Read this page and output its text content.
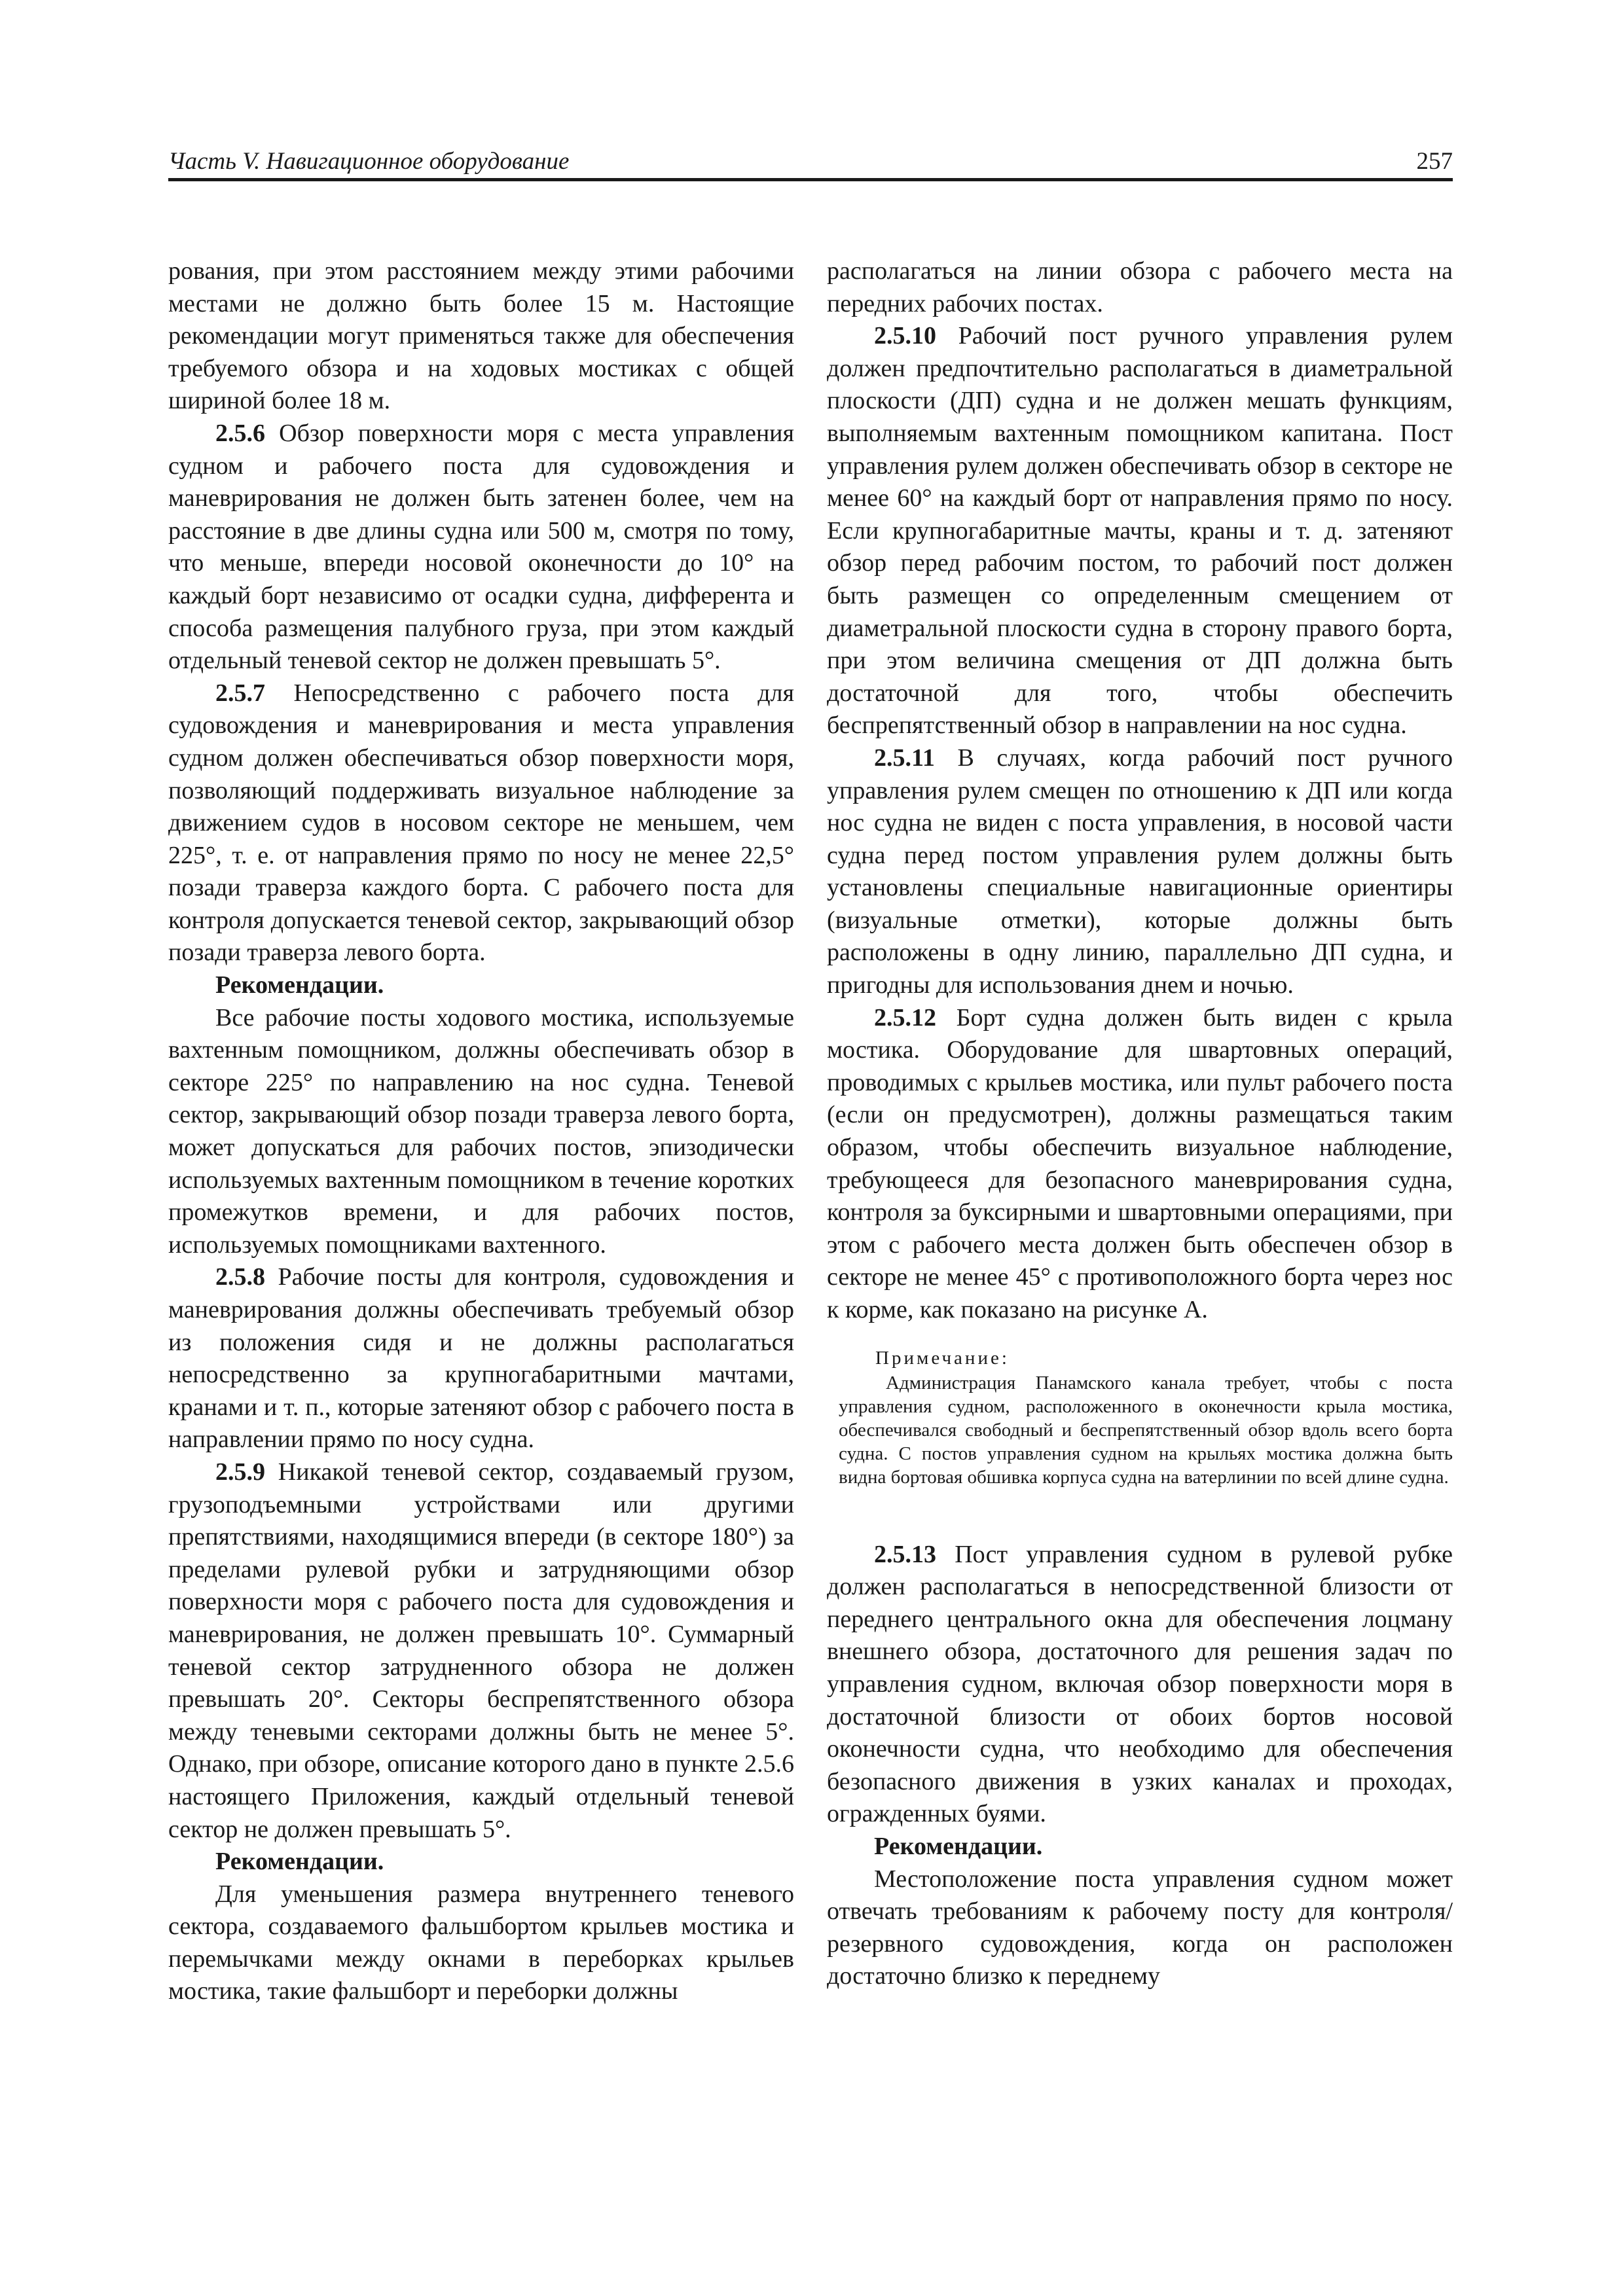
Часть V. Навигационное оборудование	257

рования, при этом расстоянием между этими рабочими местами не должно быть более 15 м. Настоящие рекомендации могут применяться также для обеспечения требуемого обзора и на ходовых мостиках с общей шириной более 18 м.

2.5.6 Обзор поверхности моря с места управления судном и рабочего поста для судовождения и маневрирования не должен быть затенен более, чем на расстояние в две длины судна или 500 м, смотря по тому, что меньше, впереди носовой оконечности до 10° на каждый борт независимо от осадки судна, дифферента и способа размещения палубного груза, при этом каждый отдельный теневой сектор не должен превышать 5°.

2.5.7 Непосредственно с рабочего поста для судовождения и маневрирования и места управления судном должен обеспечиваться обзор поверхности моря, позволяющий поддерживать визуальное наблюдение за движением судов в носовом секторе не меньшем, чем 225°, т. е. от направления прямо по носу не менее 22,5° позади траверза каждого борта. С рабочего поста для контроля допускается теневой сектор, закрывающий обзор позади траверза левого борта.

Рекомендации.

Все рабочие посты ходового мостика, используемые вахтенным помощником, должны обеспечивать обзор в секторе 225° по направлению на нос судна. Теневой сектор, закрывающий обзор позади траверза левого борта, может допускаться для рабочих постов, эпизодически используемых вахтенным помощником в течение коротких промежутков времени, и для рабочих постов, используемых помощниками вахтенного.

2.5.8 Рабочие посты для контроля, судовождения и маневрирования должны обеспечивать требуемый обзор из положения сидя и не должны располагаться непосредственно за крупногабаритными мачтами, кранами и т. п., которые затеняют обзор с рабочего поста в направлении прямо по носу судна.

2.5.9 Никакой теневой сектор, создаваемый грузом, грузоподъемными устройствами или другими препятствиями, находящимися впереди (в секторе 180°) за пределами рулевой рубки и затрудняющими обзор поверхности моря с рабочего поста для судовождения и маневрирования, не должен превышать 10°. Суммарный теневой сектор затрудненного обзора не должен превышать 20°. Секторы беспрепятственного обзора между теневыми секторами должны быть не менее 5°. Однако, при обзоре, описание которого дано в пункте 2.5.6 настоящего Приложения, каждый отдельный теневой сектор не должен превышать 5°.

Рекомендации.

Для уменьшения размера внутреннего теневого сектора, создаваемого фальшбортом крыльев мостика и перемычками между окнами в переборках крыльев мостика, такие фальшборт и переборки должны

располагаться на линии обзора с рабочего места на передних рабочих постах.

2.5.10 Рабочий пост ручного управления рулем должен предпочтительно располагаться в диаметральной плоскости (ДП) судна и не должен мешать функциям, выполняемым вахтенным помощником капитана. Пост управления рулем должен обеспечивать обзор в секторе не менее 60° на каждый борт от направления прямо по носу. Если крупногабаритные мачты, краны и т. д. затеняют обзор перед рабочим постом, то рабочий пост должен быть размещен со определенным смещением от диаметральной плоскости судна в сторону правого борта, при этом величина смещения от ДП должна быть достаточной для того, чтобы обеспечить беспрепятственный обзор в направлении на нос судна.

2.5.11 В случаях, когда рабочий пост ручного управления рулем смещен по отношению к ДП или когда нос судна не виден с поста управления, в носовой части судна перед постом управления рулем должны быть установлены специальные навигационные ориентиры (визуальные отметки), которые должны быть расположены в одну линию, параллельно ДП судна, и пригодны для использования днем и ночью.

2.5.12 Борт судна должен быть виден с крыла мостика. Оборудование для швартовных операций, проводимых с крыльев мостика, или пульт рабочего поста (если он предусмотрен), должны размещаться таким образом, чтобы обеспечить визуальное наблюдение, требующееся для безопасного маневрирования судна, контроля за буксирными и швартовными операциями, при этом с рабочего места должен быть обеспечен обзор в секторе не менее 45° с противоположного борта через нос к корме, как показано на рисунке А.

Примечание:
Администрация Панамского канала требует, чтобы с поста управления судном, расположенного в оконечности крыла мостика, обеспечивался свободный и беспрепятственный обзор вдоль всего борта судна. С постов управления судном на крыльях мостика должна быть видна бортовая обшивка корпуса судна на ватерлинии по всей длине судна.

2.5.13 Пост управления судном в рулевой рубке должен располагаться в непосредственной близости от переднего центрального окна для обеспечения лоцману внешнего обзора, достаточного для решения задач по управления судном, включая обзор поверхности моря в достаточной близости от обоих бортов носовой оконечности судна, что необходимо для обеспечения безопасного движения в узких каналах и проходах, огражденных буями.

Рекомендации.

Местоположение поста управления судном может отвечать требованиям к рабочему посту для контроля/резервного судовождения, когда он расположен достаточно близко к переднему
